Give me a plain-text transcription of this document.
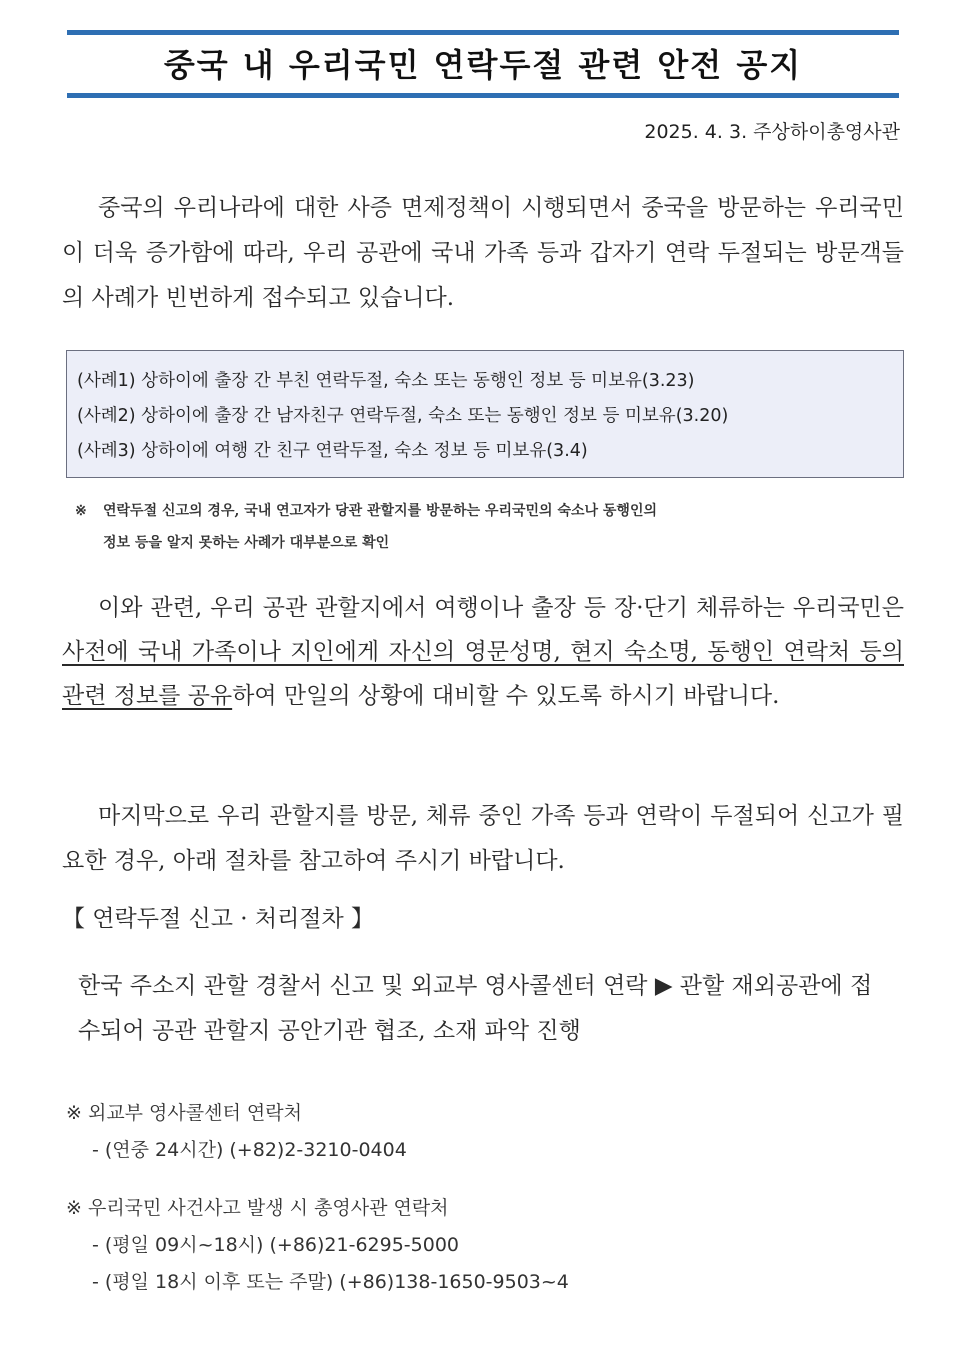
중국 내 우리국민 연락두절 관련 안전 공지
2025. 4. 3. 주상하이총영사관
중국의 우리나라에 대한 사증 면제정책이 시행되면서 중국을 방문하는 우리국민이 더욱 증가함에 따라, 우리 공관에 국내 가족 등과 갑자기 연락 두절되는 방문객들의 사례가 빈번하게 접수되고 있습니다.
(사례1) 상하이에 출장 간 부친 연락두절, 숙소 또는 동행인 정보 등 미보유(3.23)
(사례2) 상하이에 출장 간 남자친구 연락두절, 숙소 또는 동행인 정보 등 미보유(3.20)
(사례3) 상하이에 여행 간 친구 연락두절, 숙소 정보 등 미보유(3.4)
※ 연락두절 신고의 경우, 국내 연고자가 당관 관할지를 방문하는 우리국민의 숙소나 동행인의
정보 등을 알지 못하는 사례가 대부분으로 확인
이와 관련, 우리 공관 관할지에서 여행이나 출장 등 장·단기 체류하는 우리국민은 사전에 국내 가족이나 지인에게 자신의 영문성명, 현지 숙소명, 동행인 연락처 등의 관련 정보를 공유하여 만일의 상황에 대비할 수 있도록 하시기 바랍니다.
마지막으로 우리 관할지를 방문, 체류 중인 가족 등과 연락이 두절되어 신고가 필요한 경우, 아래 절차를 참고하여 주시기 바랍니다.
【 연락두절 신고 · 처리절차 】
한국 주소지 관할 경찰서 신고 및 외교부 영사콜센터 연락 ▶ 관할 재외공관에 접수되어 공관 관할지 공안기관 협조, 소재 파악 진행
※ 외교부 영사콜센터 연락처
- (연중 24시간) (+82)2-3210-0404
※ 우리국민 사건사고 발생 시 총영사관 연락처
- (평일 09시~18시) (+86)21-6295-5000
- (평일 18시 이후 또는 주말) (+86)138-1650-9503~4
